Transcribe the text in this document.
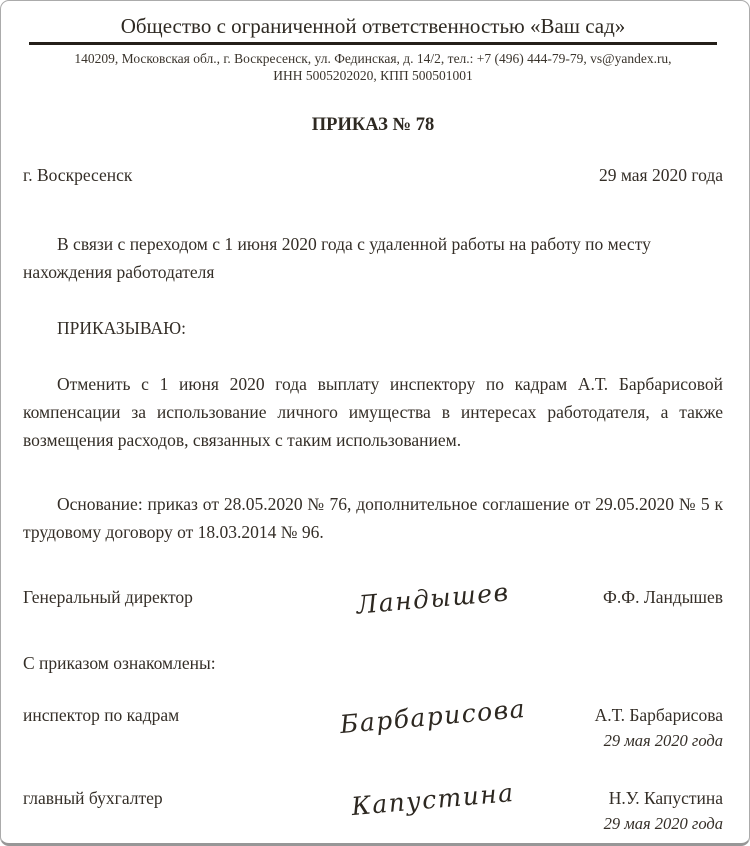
Общество с ограниченной ответственностью «Ваш сад»

140209, Московская обл., г. Воскресенск, ул. Фединская, д. 14/2, тел.: +7 (496) 444-79-79, vs@yandex.ru,

ИНН 5005202020, КПП 500501001

ПРИКАЗ № 78
г. Воскресенск	29 мая 2020 года

В связи с переходом с 1 июня 2020 года с удаленной работы на работу по месту нахождения работодателя

ПРИКАЗЫВАЮ:

Отменить с 1 июня 2020 года выплату инспектору по кадрам А.Т. Барбарисовой компенсации за использование личного имущества в интересах работодателя, а также возмещения расходов, связанных с таким использованием.

Основание: приказ от 28.05.2020 № 76, дополнительное соглашение от 29.05.2020 № 5 к трудовому договору от 18.03.2014 № 96.

Генеральный директор	Ландышев	Ф.Ф. Ландышев

С приказом ознакомлены:

инспектор по кадрам	Барбарисова	А.Т. Барбарисова
29 мая 2020 года
главный бухгалтер	Капустина	Н.У. Капустина
29 мая 2020 года
